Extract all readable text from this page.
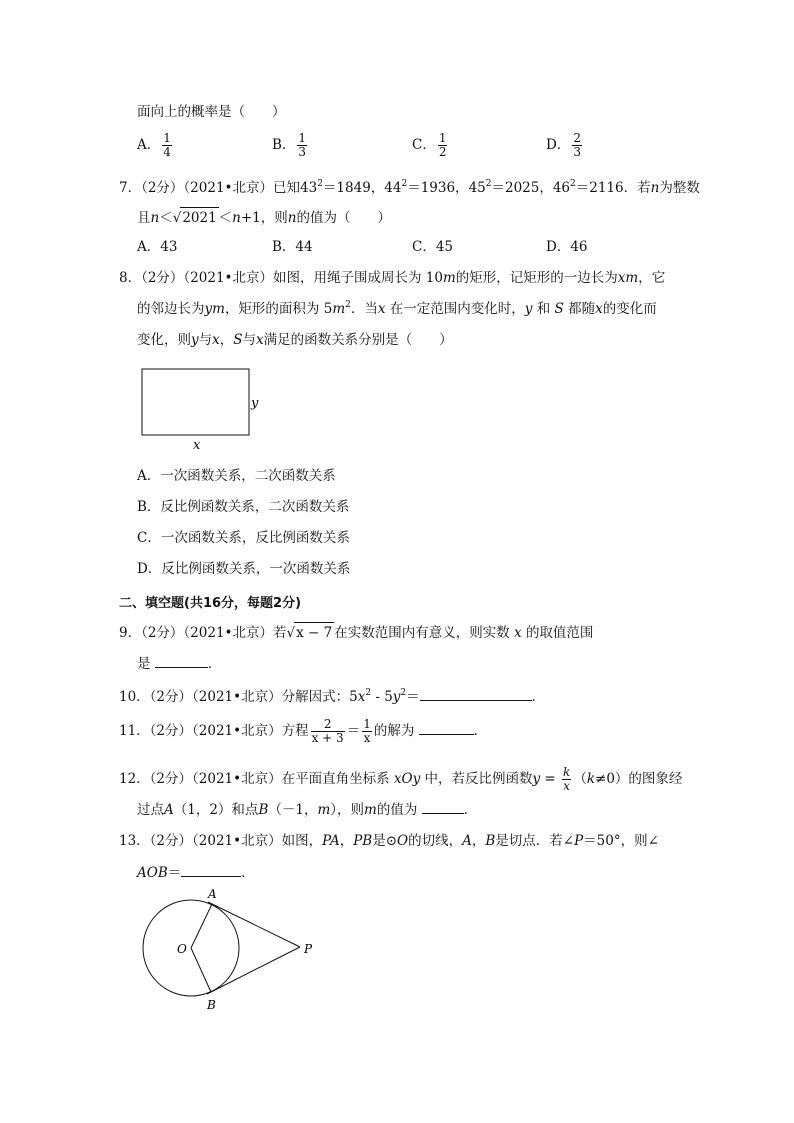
面向上的概率是（　　）
A． $\frac{1}{4}$	B． $\frac{1}{3}$	C． $\frac{1}{2}$	D． $\frac{2}{3}$
7．（2分）（2021•北京）已知$43^2=1849$，$44^2=1936$，$45^2=2025$，$46^2=2116$．若n为整数
且n＜√2021 ＜n+1，则n的值为（　　）
A．43	B．44	C．45	D．46
8．（2分）（2021•北京）如图，用绳子围成周长为 10m的矩形，记矩形的一边长为xm，它
的邻边长为ym，矩形的面积为 $5m^2$．当x 在一定范围内变化时，y 和 S 都随x的变化而
变化，则y与x，S与x满足的函数关系分别是（　　）
y
x
A．一次函数关系，二次函数关系
B．反比例函数关系，二次函数关系
C．一次函数关系，反比例函数关系
D．反比例函数关系，一次函数关系
二、填空题(共16分，每题2分)
9．（2分）（2021•北京）若√x − 7 在实数范围内有意义，则实数 x 的取值范围
是	．
10．（2分）（2021•北京）分解因式：$5x^2 - 5y^2=$	．
11．（2分）（2021•北京）方程 $\frac{2}{x + 3} = \frac{1}{x}$ 的解为	．
12．（2分）（2021•北京）在平面直角坐标系 xOy 中，若反比例函数$y = \frac{k}{x} (k\ne 0)$的图象经
过点A（1，2）和点B（－1，m），则m的值为	．
13．（2分）（2021•北京）如图，PA，PB是⊙O的切线，A，B是切点．若∠P＝50°，则∠
AOB＝	．
A
B
O	P
